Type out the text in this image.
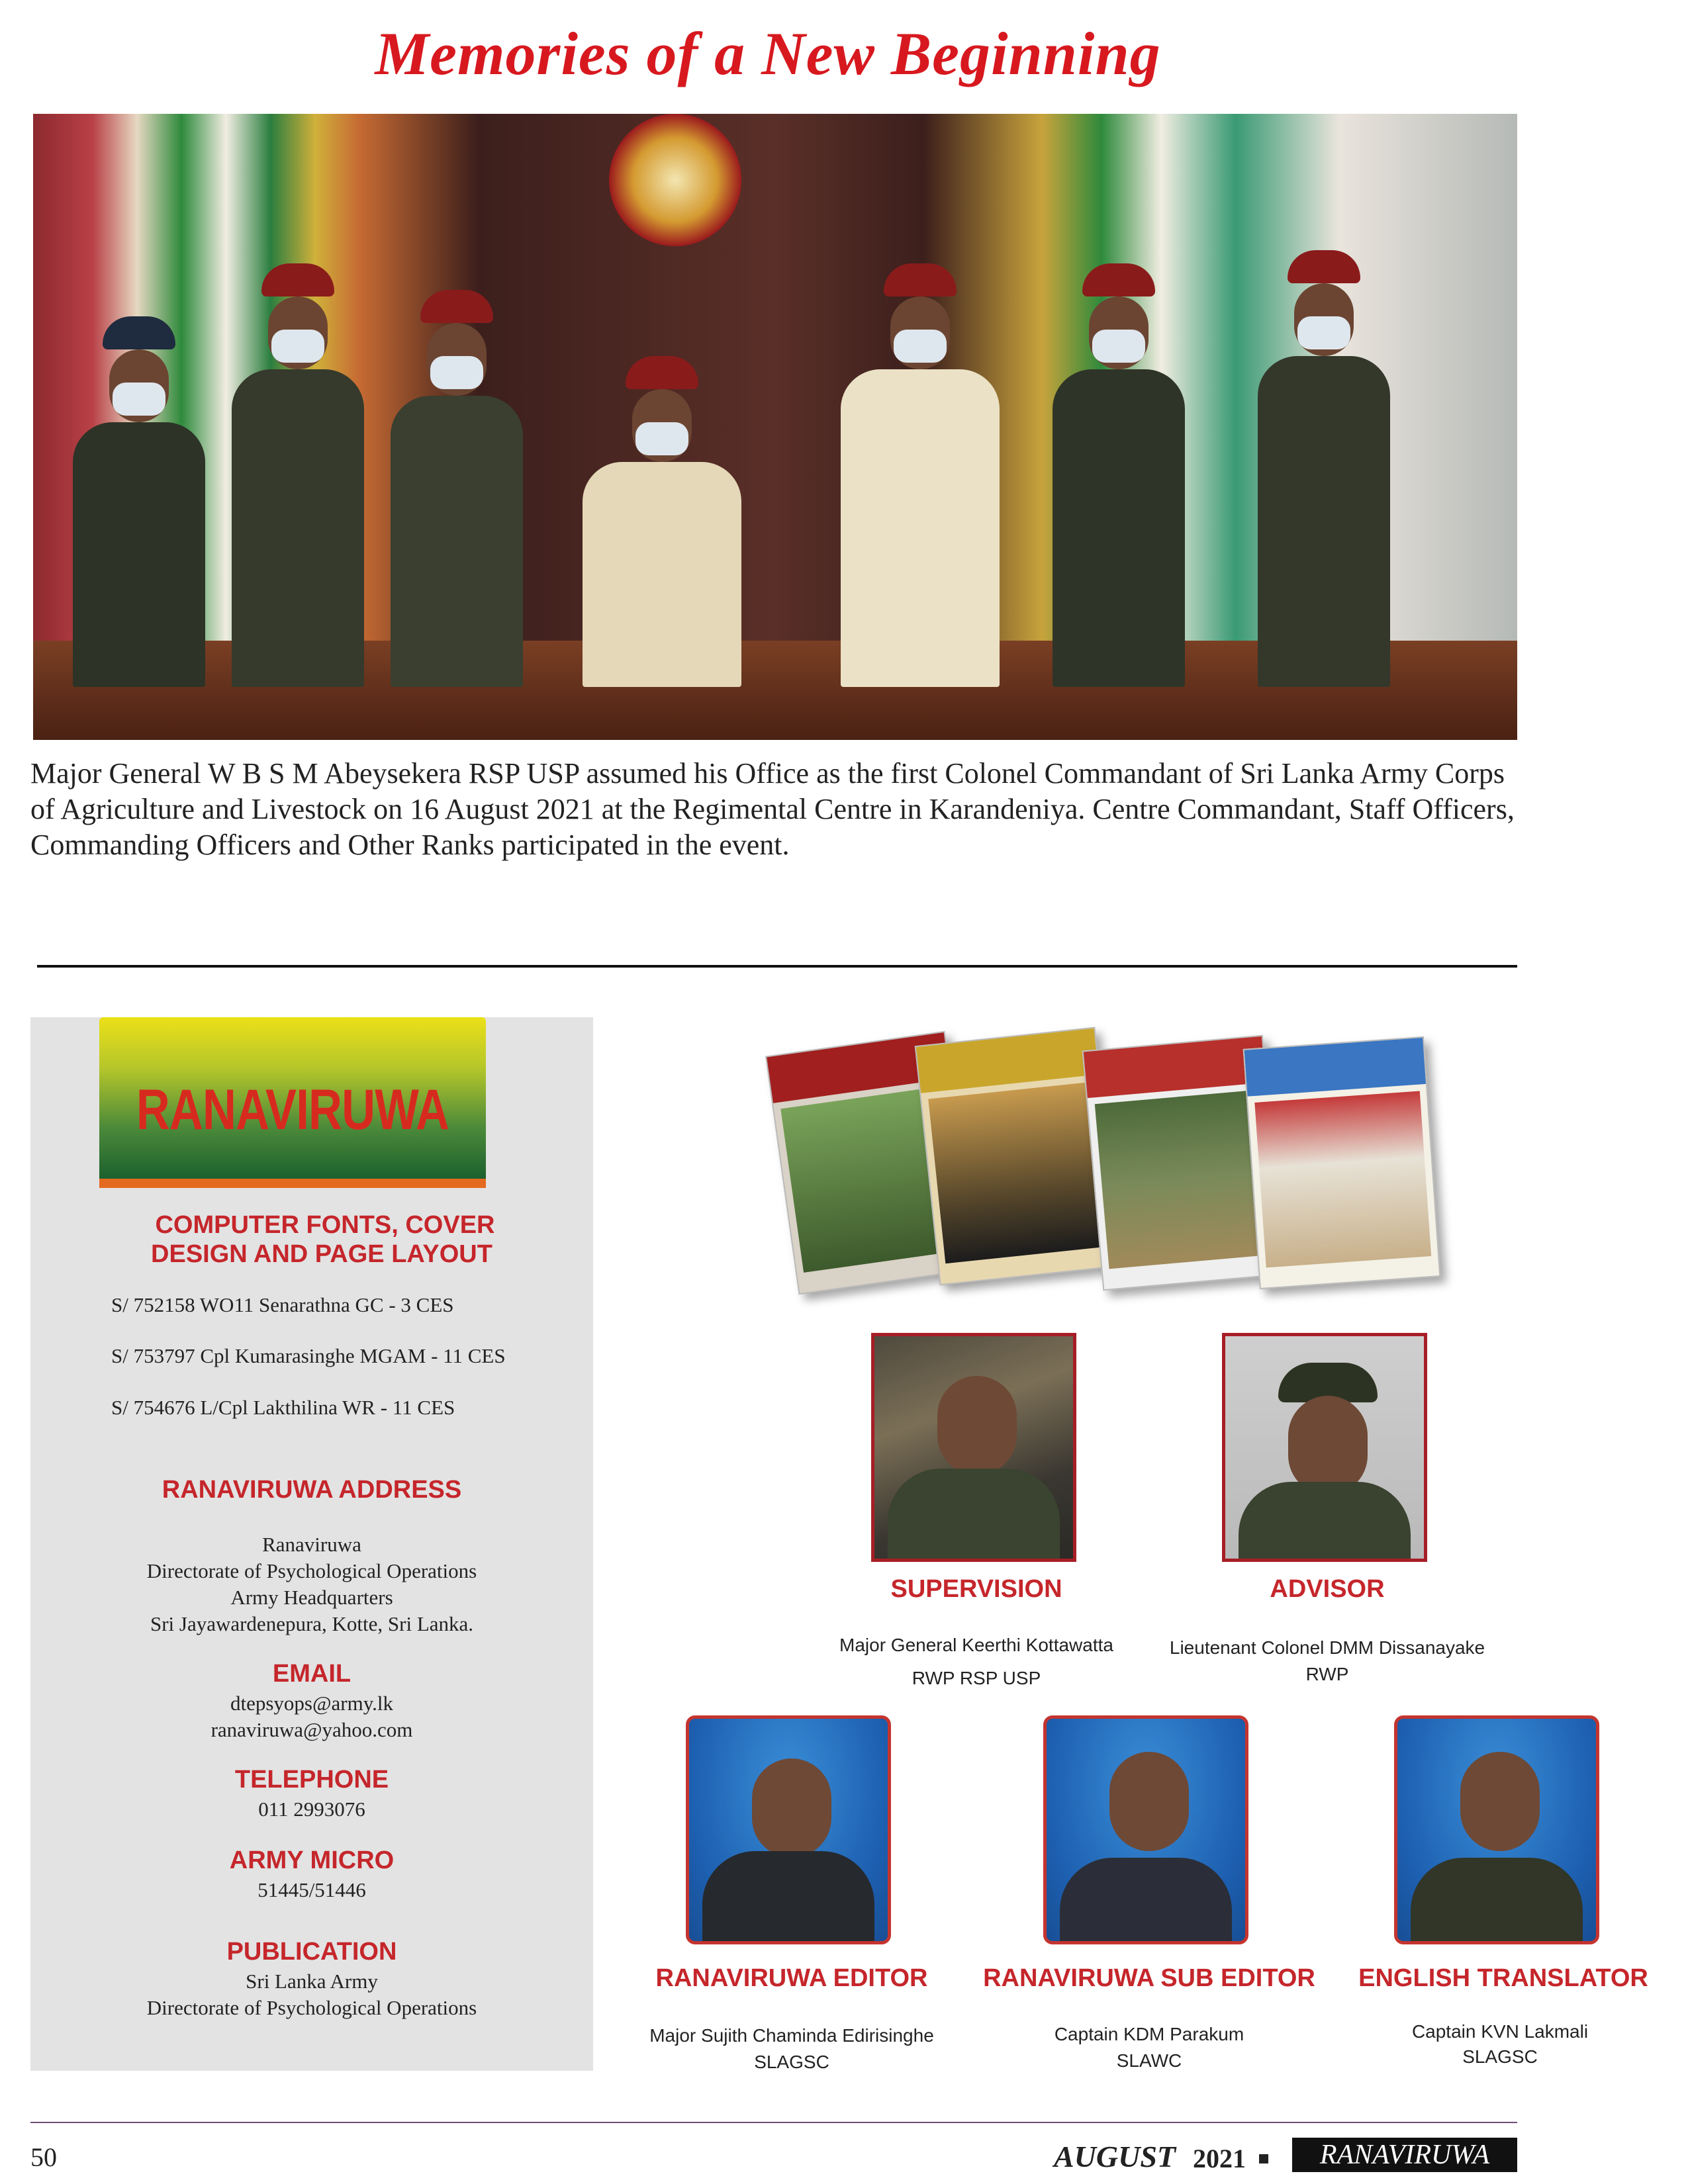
Memories of a New Beginning
Major General W B S M Abeysekera RSP USP assumed his Office as the first Colonel Commandant of Sri Lanka Army Corps of Agriculture and Livestock on 16 August 2021 at the Regimental Centre in Karandeniya. Centre Commandant, Staff Officers, Commanding Officers and Other Ranks participated in the event.
RANAVIRUWA
COMPUTER FONTS, COVER
DESIGN AND PAGE LAYOUT
S/ 752158 WO11 Senarathna GC - 3 CES
S/ 753797 Cpl Kumarasinghe MGAM - 11 CES
S/ 754676 L/Cpl Lakthilina WR - 11 CES
RANAVIRUWA ADDRESS
Ranaviruwa
Directorate of Psychological Operations
Army Headquarters
Sri Jayawardenepura, Kotte, Sri Lanka.
EMAIL
dtepsyops@army.lk
ranaviruwa@yahoo.com
TELEPHONE
011 2993076
ARMY MICRO
51445/51446
PUBLICATION
Sri Lanka Army
Directorate of Psychological Operations
SUPERVISION	ADVISOR
Major General Keerthi Kottawatta
RWP RSP USP
Lieutenant Colonel DMM Dissanayake
RWP
RANAVIRUWA EDITOR	RANAVIRUWA SUB EDITOR	ENGLISH TRANSLATOR
Major Sujith Chaminda Edirisinghe
SLAGSC
Captain KDM Parakum
SLAWC
Captain KVN Lakmali
SLAGSC
50	AUGUST 2021	RANAVIRUWA
